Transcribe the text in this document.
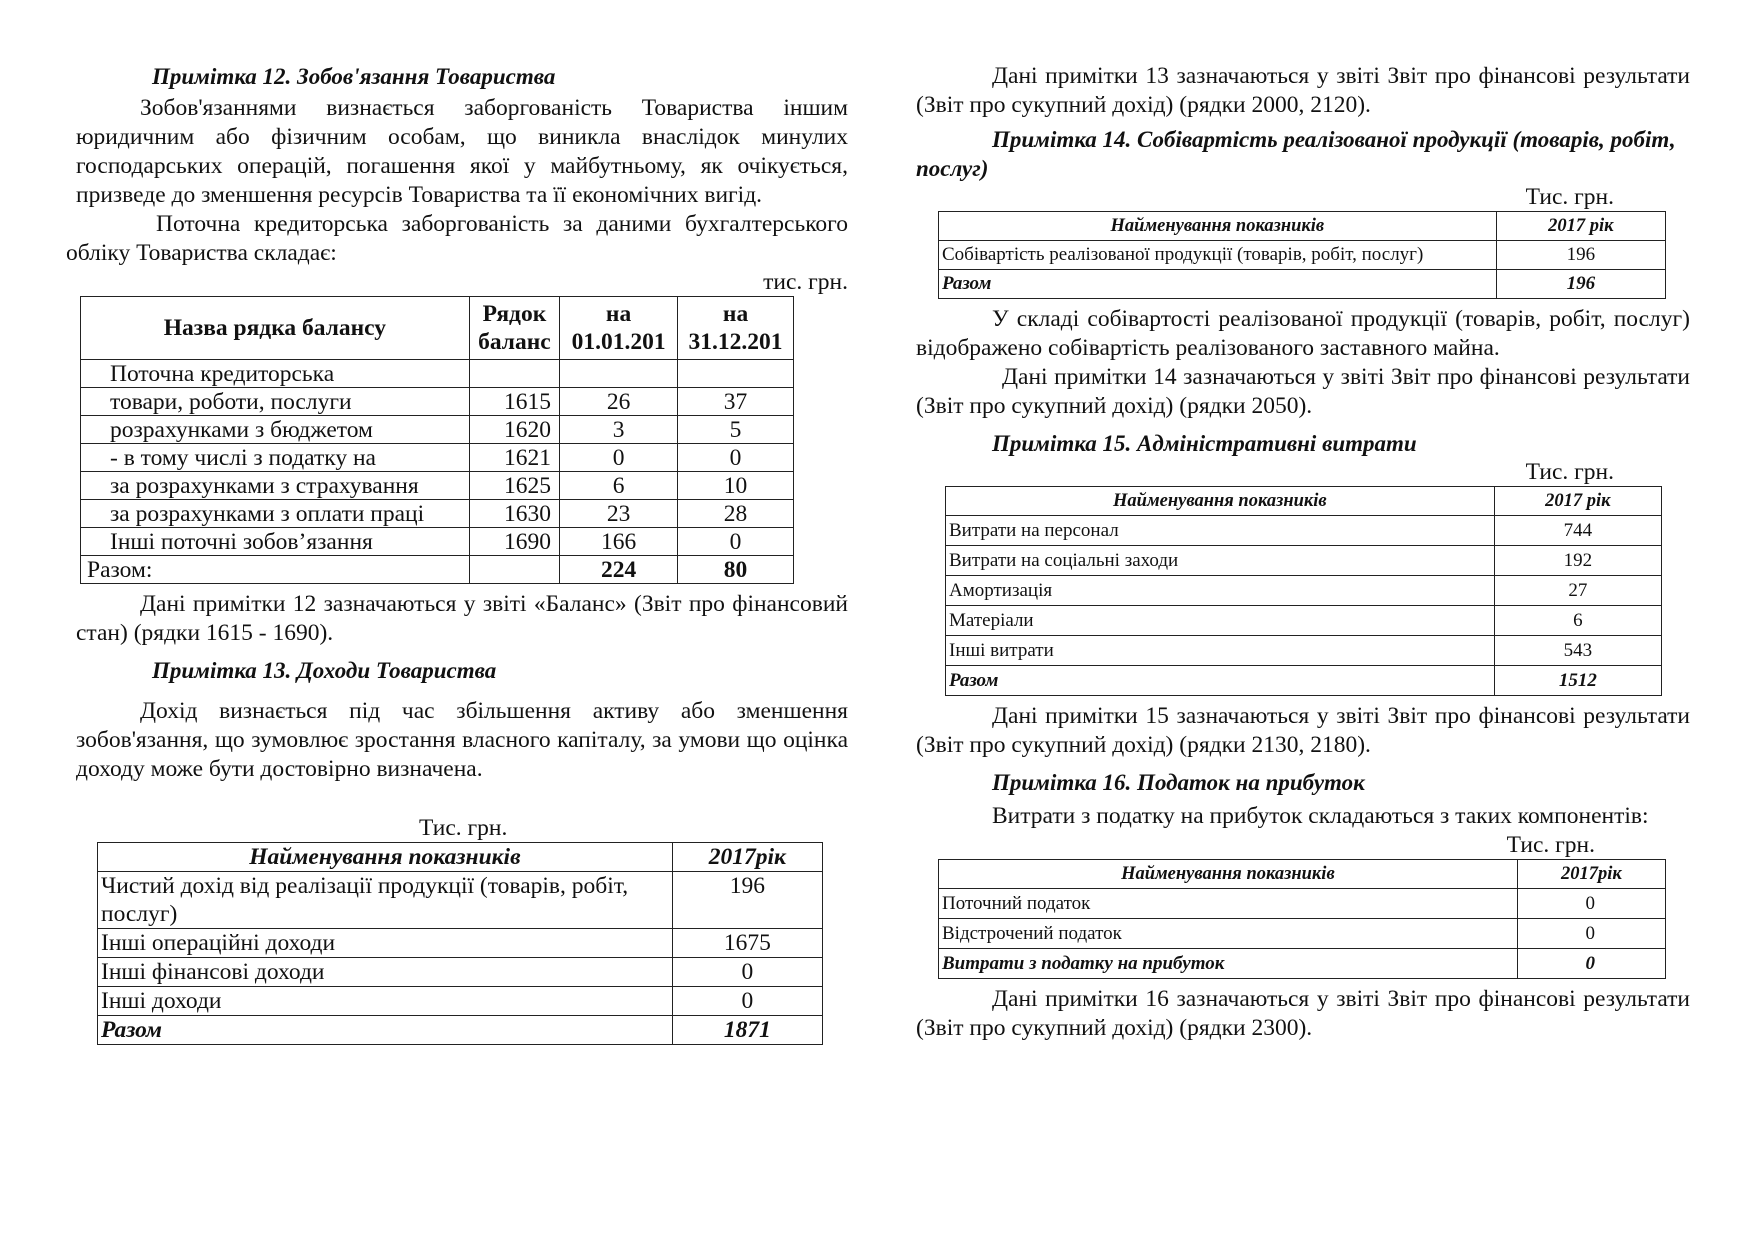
Примітка 12. Зобов'язання Товариства

Зобов'язаннями визнається заборгованість Товариства іншим юридичним або фізичним особам, що виникла внаслідок минулих господарських операцій, погашення якої у майбутньому, як очікується, призведе до зменшення ресурсів Товариства та її економічних вигід.

Поточна кредиторська заборгованість за даними бухгалтерського обліку Товариства складає:

тис. грн.
Назва рядка балансу	Рядок баланс	на 01.01.201	на 31.12.201
Поточна кредиторська			
товари, роботи, послуги	1615	26	37
розрахунками з бюджетом	1620	3	5
- в тому числі з податку на	1621	0	0
за розрахунками з страхування	1625	6	10
за розрахунками з оплати праці	1630	23	28
Інші поточні зобов’язання	1690	166	0
Разом:		224	80

Дані примітки 12 зазначаються у звіті «Баланс» (Звіт про фінансовий стан) (рядки 1615 - 1690).

Примітка 13. Доходи Товариства

Дохід визнається під час збільшення активу або зменшення зобов'язання, що зумовлює зростання власного капіталу, за умови що оцінка доходу може бути достовірно визначена.

Тис. грн.
Найменування показників	2017рік
Чистий дохід від реалізації продукції (товарів, робіт, послуг)	196
Інші операційні доходи	1675
Інші фінансові доходи	0
Інші доходи	0
Разом	1871

Дані примітки 13 зазначаються у звіті Звіт про фінансові результати (Звіт про сукупний дохід) (рядки 2000, 2120).

Примітка 14. Собівартість реалізованої продукції (товарів, робіт, послуг)

Тис. грн.
Найменування показників	2017 рік
Собівартість реалізованої продукції (товарів, робіт, послуг)	196
Разом	196

У складі собівартості реалізованої продукції (товарів, робіт, послуг) відображено собівартість реалізованого заставного майна.

Дані примітки 14 зазначаються у звіті Звіт про фінансові результати (Звіт про сукупний дохід) (рядки 2050).

Примітка 15. Адміністративні витрати

Тис. грн.
Найменування показників	2017 рік
Витрати на персонал	744
Витрати на соціальні заходи	192
Амортизація	27
Матеріали	6
Інші витрати	543
Разом	1512

Дані примітки 15 зазначаються у звіті Звіт про фінансові результати (Звіт про сукупний дохід) (рядки 2130, 2180).

Примітка 16. Податок на прибуток

Витрати з податку на прибуток складаються з таких компонентів:

Тис. грн.
Найменування показників	2017рік
Поточний податок	0
Відстрочений податок	0
Витрати з податку на прибуток	0

Дані примітки 16 зазначаються у звіті Звіт про фінансові результати (Звіт про сукупний дохід) (рядки 2300).
